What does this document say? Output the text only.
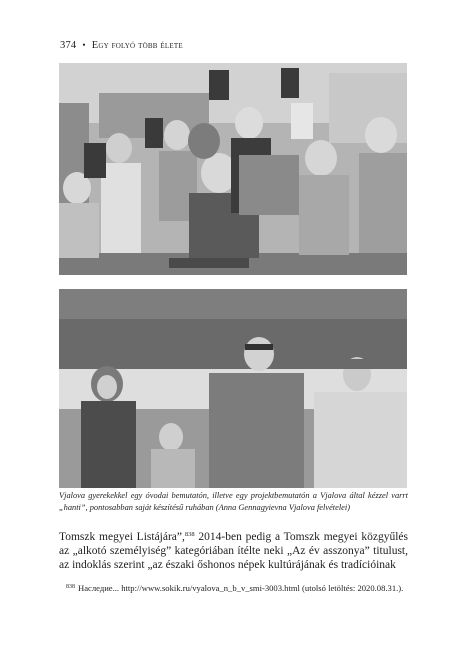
374 • Egy folyó több élete
Vjalova gyerekekkel egy óvodai bemutatón, illetve egy projektbemutatón a Vjalova által kézzel varrt „hanti”, pontosabban saját készítésű ruhában (Anna Gennagyievna Vjalova felvételei)

Tomszk megyei Listájára”,$^{838}$ 2014-ben pedig a Tomszk megyei közgyűlés az „alkotó személyiség” kategóriában ítélte neki „Az év asszonya” titulust, az indoklás szerint „az északi őshonos népek kultúrájának és tradícióinak

$^{838}$ Наследие... http://www.sokik.ru/vyalova_n_b_v_smi-3003.html (utolsó letöltés: 2020.08.31.).
